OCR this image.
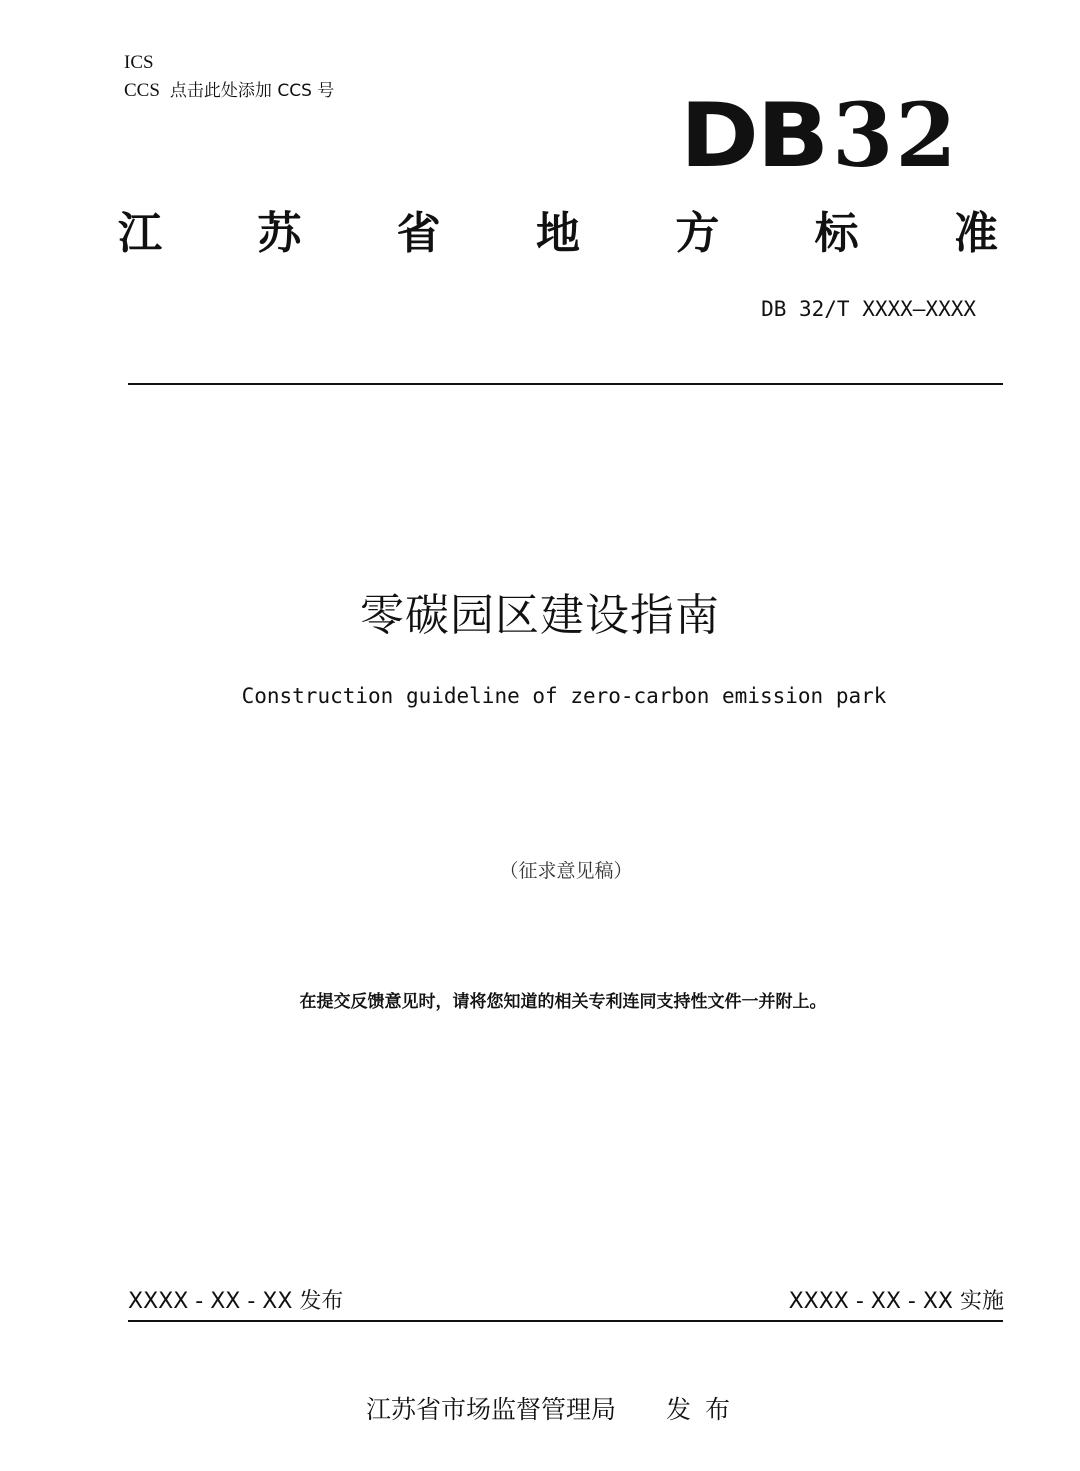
ICS
CCS 点击此处添加 CCS 号	DB32
江 苏 省 地 方 标 准
DB 32/T XXXX—XXXX
零碳园区建设指南
Construction guideline of zero-carbon emission park
（征求意见稿）
在提交反馈意见时，请将您知道的相关专利连同支持性文件一并附上。
XXXX - XX - XX 发布	XXXX - XX - XX 实施
江苏省市场监督管理局 发布
